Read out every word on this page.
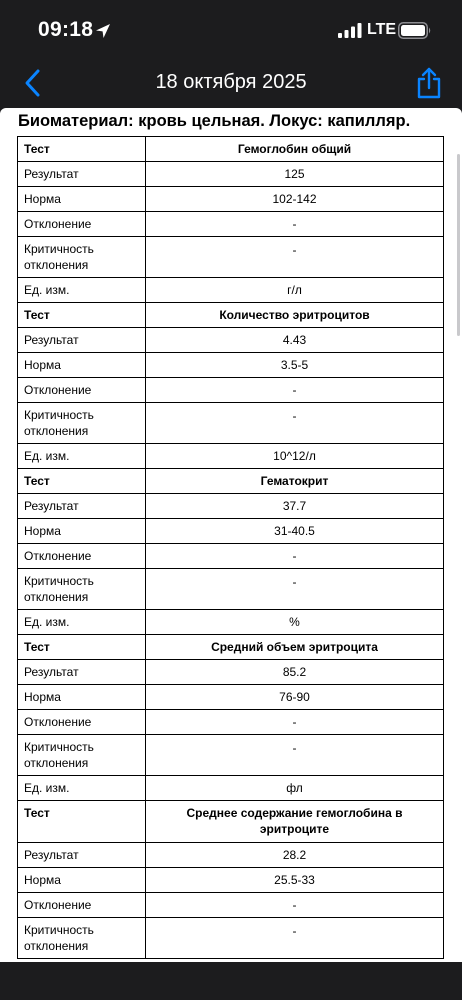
09:18	LTE
18 октября 2025
Биоматериал: кровь цельная. Локус: капилляр.
Тест	Гемоглобин общий
Результат	125
Норма	102-142
Отклонение	-
Критичность отклонения	-
Ед. изм.	г/л
Тест	Количество эритроцитов
Результат	4.43
Норма	3.5-5
Отклонение	-
Критичность отклонения	-
Ед. изм.	10^12/л
Тест	Гематокрит
Результат	37.7
Норма	31-40.5
Отклонение	-
Критичность отклонения	-
Ед. изм.	%
Тест	Средний объем эритроцита
Результат	85.2
Норма	76-90
Отклонение	-
Критичность отклонения	-
Ед. изм.	фл
Тест	Среднее содержание гемоглобина в эритроците
Результат	28.2
Норма	25.5-33
Отклонение	-
Критичность отклонения	-
